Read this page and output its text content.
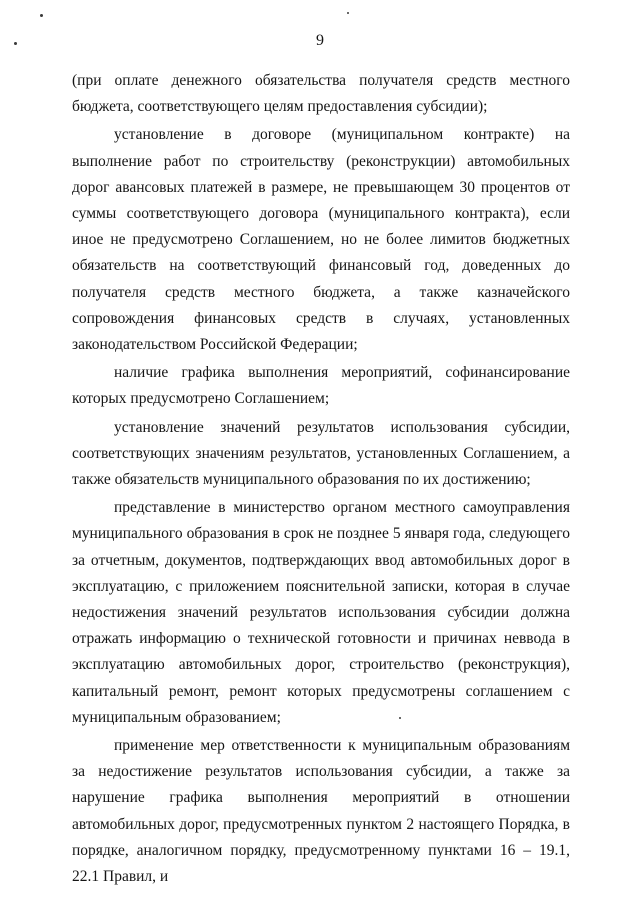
9

(при оплате денежного обязательства получателя средств местного бюджета, соответствующего целям предоставления субсидии);

установление в договоре (муниципальном контракте) на выполнение работ по строительству (реконструкции) автомобильных дорог авансовых платежей в размере, не превышающем 30 процентов от суммы соответствующего договора (муниципального контракта), если иное не предусмотрено Соглашением, но не более лимитов бюджетных обязательств на соответствующий финансовый год, доведенных до получателя средств местного бюджета, а также казначейского сопровождения финансовых средств в случаях, установленных законодательством Российской Федерации;

наличие графика выполнения мероприятий, софинансирование которых предусмотрено Соглашением;

установление значений результатов использования субсидии, соответствующих значениям результатов, установленных Соглашением, а также обязательств муниципального образования по их достижению;

представление в министерство органом местного самоуправления муниципального образования в срок не позднее 5 января года, следующего за отчетным, документов, подтверждающих ввод автомобильных дорог в эксплуатацию, с приложением пояснительной записки, которая в случае недостижения значений результатов использования субсидии должна отражать информацию о технической готовности и причинах неввода в эксплуатацию автомобильных дорог, строительство (реконструкция), капитальный ремонт, ремонт которых предусмотрены соглашением с муниципальным образованием;

применение мер ответственности к муниципальным образованиям за недостижение результатов использования субсидии, а также за нарушение графика выполнения мероприятий в отношении автомобильных дорог, предусмотренных пунктом 2 настоящего Порядка, в порядке, аналогичном порядку, предусмотренному пунктами 16 – 19.1, 22.1 Правил, и
